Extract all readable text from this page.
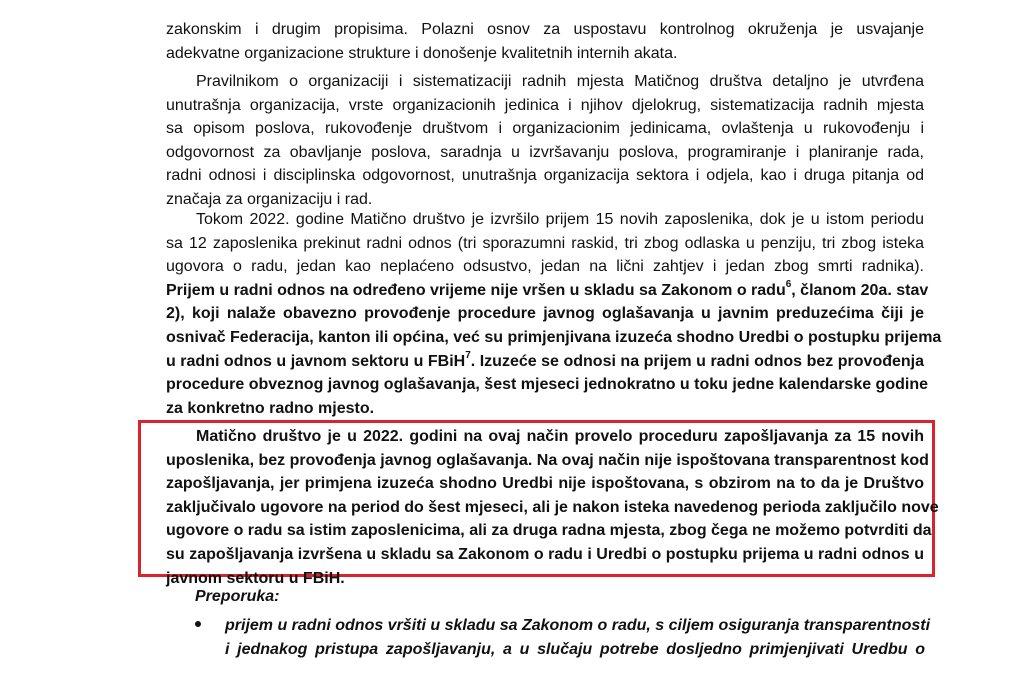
zakonskim i drugim propisima. Polazni osnov za uspostavu kontrolnog okruženja je usvajanje
adekvatne organizacione strukture i donošenje kvalitetnih internih akata.
Pravilnikom o organizaciji i sistematizaciji radnih mjesta Matičnog društva detaljno je utvrđena
unutrašnja organizacija, vrste organizacionih jedinica i njihov djelokrug, sistematizacija radnih mjesta
sa opisom poslova, rukovođenje društvom i organizacionim jedinicama, ovlaštenja u rukovođenju i
odgovornost za obavljanje poslova, saradnja u izvršavanju poslova, programiranje i planiranje rada,
radni odnosi i disciplinska odgovornost, unutrašnja organizacija sektora i odjela, kao i druga pitanja od
značaja za organizaciju i rad.
Tokom 2022. godine Matično društvo je izvršilo prijem 15 novih zaposlenika, dok je u istom periodu
sa 12 zaposlenika prekinut radni odnos (tri sporazumni raskid, tri zbog odlaska u penziju, tri zbog isteka
ugovora o radu, jedan kao neplaćeno odsustvo, jedan na lični zahtjev i jedan zbog smrti radnika).
Prijem u radni odnos na određeno vrijeme nije vršen u skladu sa Zakonom o radu$^6$, članom 20a. stav
2), koji nalaže obavezno provođenje procedure javnog oglašavanja u javnim preduzećima čiji je
osnivač Federacija, kanton ili općina, već su primjenjivana izuzeća shodno Uredbi o postupku prijema
u radni odnos u javnom sektoru u FBiH$^7$. Izuzeće se odnosi na prijem u radni odnos bez provođenja
procedure obveznog javnog oglašavanja, šest mjeseci jednokratno u toku jedne kalendarske godine
za konkretno radno mjesto.
Matično društvo je u 2022. godini na ovaj način provelo proceduru zapošljavanja za 15 novih
uposlenika, bez provođenja javnog oglašavanja. Na ovaj način nije ispoštovana transparentnost kod
zapošljavanja, jer primjena izuzeća shodno Uredbi nije ispoštovana, s obzirom na to da je Društvo
zaključivalo ugovore na period do šest mjeseci, ali je nakon isteka navedenog perioda zaključilo nove
ugovore o radu sa istim zaposlenicima, ali za druga radna mjesta, zbog čega ne možemo potvrditi da
su zapošljavanja izvršena u skladu sa Zakonom o radu i Uredbi o postupku prijema u radni odnos u
javnom sektoru u FBiH.
Preporuka:
prijem u radni odnos vršiti u skladu sa Zakonom o radu, s ciljem osiguranja transparentnosti
i jednakog pristupa zapošljavanju, a u slučaju potrebe dosljedno primjenjivati Uredbu o
